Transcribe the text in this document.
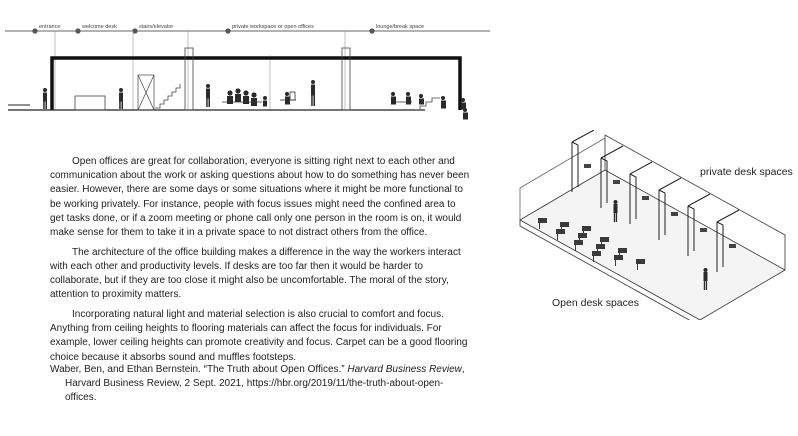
entrance	welcome desk	stairs/elevator	private workspace or open offices	lounge/break space

Open offices are great for collaboration, everyone is sitting right next to each other and communication about the work or asking questions about how to do something has never been easier. However, there are some days or some situations where it might be more functional to be working privately. For instance, people with focus issues might need the confined area to get tasks done, or if a zoom meeting or phone call only one person in the room is on, it would make sense for them to take it in a private space to not distract others from the office.

The architecture of the office building makes a difference in the way the workers interact with each other and productivity levels. If desks are too far then it would be harder to collaborate, but if they are too close it might also be uncomfortable. The moral of the story, attention to proximity matters.

Incorporating natural light and material selection is also crucial to comfort and focus. Anything from ceiling heights to flooring materials can affect the focus for individuals. For example, lower ceiling heights can promote creativity and focus. Carpet can be a good flooring choice because it absorbs sound and muffles footsteps.

Waber, Ben, and Ethan Bernstein. “The Truth about Open Offices.” Harvard Business Review, Harvard Business Review, 2 Sept. 2021, https://hbr.org/2019/11/the-truth-about-open-offices.
private desk spaces
Open desk spaces
